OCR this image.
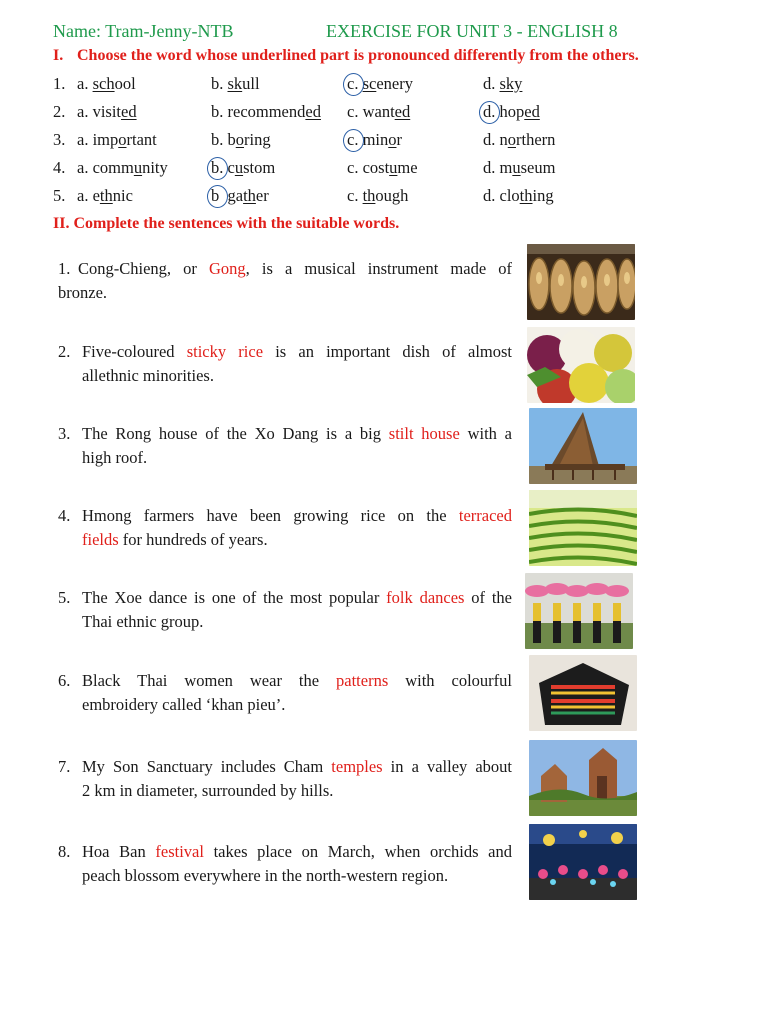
Name: Tram-Jenny-NTB	EXERCISE FOR UNIT 3 - ENGLISH 8
I. Choose the word whose underlined part is pronounced differently from the others.
1. a. school	b. skull	c. scenery	d. sky
2. a. visited	b. recommended c. wanted	d. hoped
3. a. important	b. boring	c. minor	d. northern
4. a. community	b. custom	c. costume	d. museum
5. a. ethnic	b  gather	c. though	d. clothing
II. Complete the sentences with the suitable words.
1. Cong-Chieng, or Gong, is a musical instrument made of
bronze.
2. Five-coloured sticky rice is an important dish of almost
allethnic minorities.
3. The Rong house of the Xo Dang is a big stilt house with a
high roof.
4. Hmong farmers have been growing rice on the terraced
fields for hundreds of years.
5. The Xoe dance is one of the most popular folk dances of the
Thai ethnic group.
6. Black Thai women wear the patterns with colourful
embroidery called ‘khan pieu’.
7. My Son Sanctuary includes Cham temples in a valley about
2 km in diameter, surrounded by hills.
8. Hoa Ban festival takes place on March, when orchids and
peach blossom everywhere in the north-western region.
